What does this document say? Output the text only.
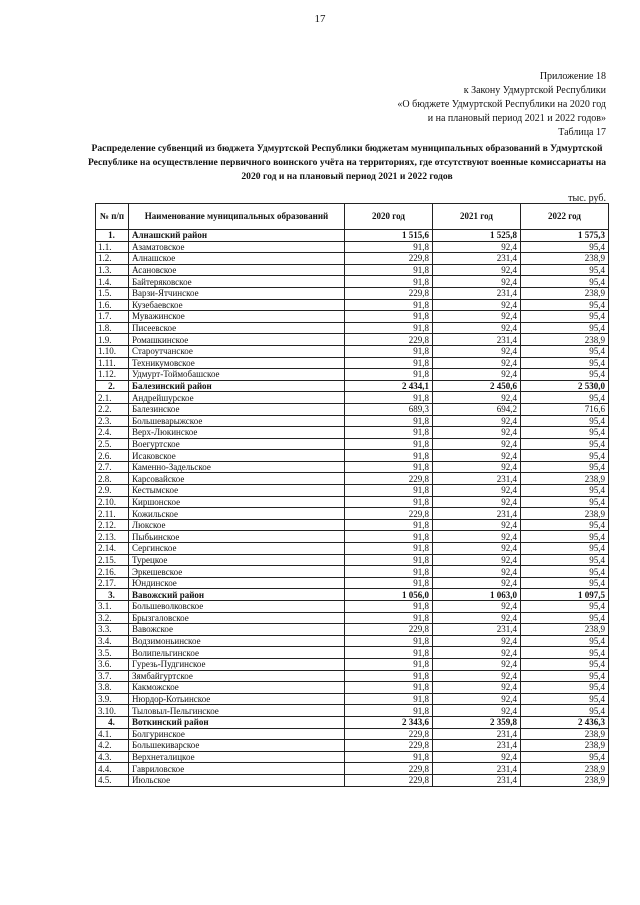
17
Приложение 18
к Закону Удмуртской Республики
«О бюджете Удмуртской Республики на 2020 год
и на плановый период 2021 и 2022 годов»
Таблица 17
Распределение субвенций из бюджета Удмуртской Республики бюджетам муниципальных образований в Удмуртской Республике на осуществление первичного воинского учёта на территориях, где отсутствуют военные комиссариаты на 2020 год и на плановый период 2021 и 2022 годов
тыс. руб.
№ п/п	Наименование муниципальных образований	2020 год	2021 год	2022 год
1.	Алнашский район	1 515,6	1 525,8	1 575,3
1.1.	Азаматовское	91,8	92,4	95,4
1.2.	Алнашское	229,8	231,4	238,9
1.3.	Асановское	91,8	92,4	95,4
1.4.	Байтеряковское	91,8	92,4	95,4
1.5.	Варзи-Ятчинское	229,8	231,4	238,9
1.6.	Кузебаевское	91,8	92,4	95,4
1.7.	Муважинское	91,8	92,4	95,4
1.8.	Писеевское	91,8	92,4	95,4
1.9.	Ромашкинское	229,8	231,4	238,9
1.10.	Староутчанское	91,8	92,4	95,4
1.11.	Техникумовское	91,8	92,4	95,4
1.12.	Удмурт-Тоймобашское	91,8	92,4	95,4
2.	Балезинский район	2 434,1	2 450,6	2 530,0
2.1.	Андрейшурское	91,8	92,4	95,4
2.2.	Балезинское	689,3	694,2	716,6
2.3.	Большеварыжское	91,8	92,4	95,4
2.4.	Верх-Люкинское	91,8	92,4	95,4
2.5.	Воегуртское	91,8	92,4	95,4
2.6.	Исаковское	91,8	92,4	95,4
2.7.	Каменно-Задельское	91,8	92,4	95,4
2.8.	Карсовайское	229,8	231,4	238,9
2.9.	Кестымское	91,8	92,4	95,4
2.10.	Киршонское	91,8	92,4	95,4
2.11.	Кожильское	229,8	231,4	238,9
2.12.	Люкское	91,8	92,4	95,4
2.13.	Пыбьинское	91,8	92,4	95,4
2.14.	Сергинское	91,8	92,4	95,4
2.15.	Турецкое	91,8	92,4	95,4
2.16.	Эркешевское	91,8	92,4	95,4
2.17.	Юндинское	91,8	92,4	95,4
3.	Вавожский район	1 056,0	1 063,0	1 097,5
3.1.	Большеволковское	91,8	92,4	95,4
3.2.	Брызгаловское	91,8	92,4	95,4
3.3.	Вавожское	229,8	231,4	238,9
3.4.	Водзимоньинское	91,8	92,4	95,4
3.5.	Волипельгинское	91,8	92,4	95,4
3.6.	Гурезь-Пудгинское	91,8	92,4	95,4
3.7.	Зямбайгуртское	91,8	92,4	95,4
3.8.	Какможское	91,8	92,4	95,4
3.9.	Нюрдор-Котьинское	91,8	92,4	95,4
3.10.	Тыловыл-Пельгинское	91,8	92,4	95,4
4.	Воткинский район	2 343,6	2 359,8	2 436,3
4.1.	Болгуринское	229,8	231,4	238,9
4.2.	Большекиварское	229,8	231,4	238,9
4.3.	Верхнеталицкое	91,8	92,4	95,4
4.4.	Гавриловское	229,8	231,4	238,9
4.5.	Июльское	229,8	231,4	238,9
